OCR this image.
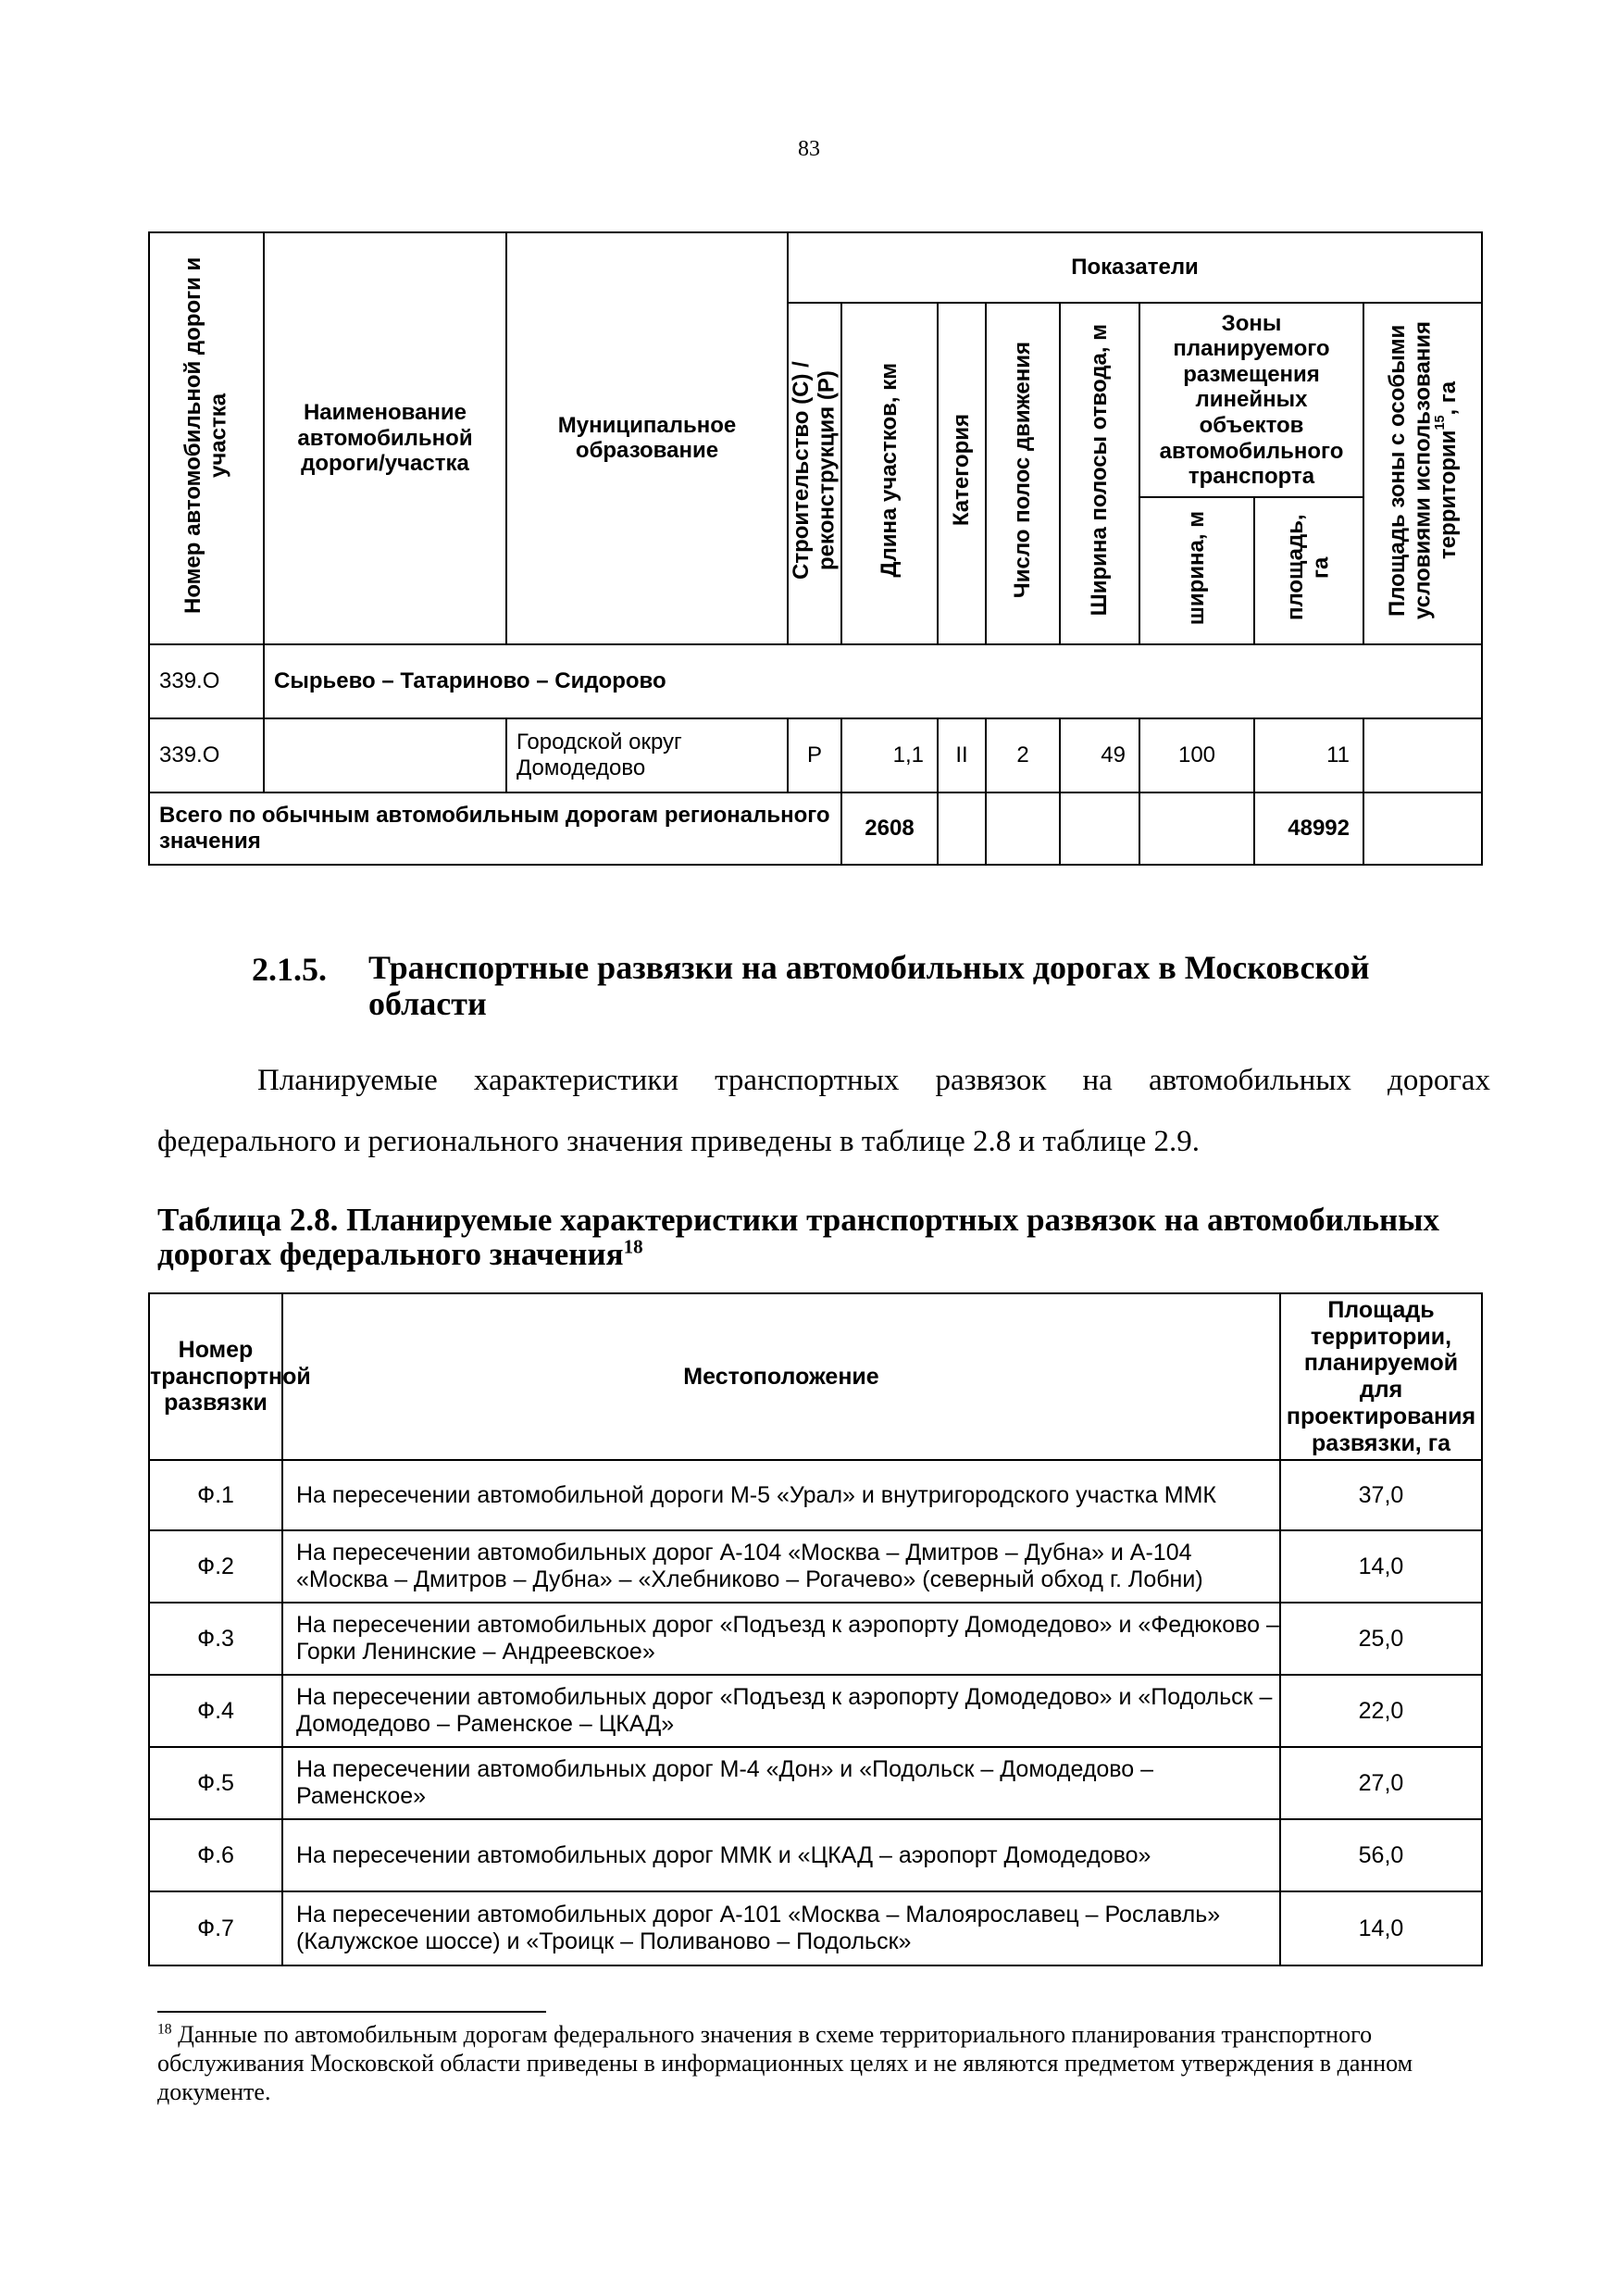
83
Номер автомобильной дороги и участка	Наименование автомобильной дороги/участка	Муниципальное образование	Показатели							
			Строительство (С) / реконструкция (Р)	Длина участков, км	Категория	Число полос движения	Ширина полосы отвода, м	Зоны планируемого размещения линейных объектов автомобильного транспорта		Площадь зоны с особыми условиями использования территории$^{15}$, га
								ширина, м	площадь, га	
339.О	Сырьево – Татариново – Сидорово									
339.О		Городской округ Домодедово	Р	1,1	II	2	49	100	11	
Всего по обычным автомобильным дорогам регионального значения				2608					48992	
2.1.5. Транспортные развязки на автомобильных дорогах в Московской области
Планируемые характеристики транспортных развязок на автомобильных дорогах федерального и регионального значения приведены в таблице 2.8 и таблице 2.9.
Таблица 2.8. Планируемые характеристики транспортных развязок на автомобильных дорогах федерального значения$^{18}$
Номер транспортной развязки	Местоположение	Площадь территории, планируемой для проектирования развязки, га
Ф.1	На пересечении автомобильной дороги М-5 «Урал» и внутригородского участка ММК	37,0
Ф.2	На пересечении автомобильных дорог А-104 «Москва – Дмитров – Дубна» и А-104 «Москва – Дмитров – Дубна» – «Хлебниково – Рогачево» (северный обход г. Лобни)	14,0
Ф.3	На пересечении автомобильных дорог «Подъезд к аэропорту Домодедово» и «Федюково – Горки Ленинские – Андреевское»	25,0
Ф.4	На пересечении автомобильных дорог «Подъезд к аэропорту Домодедово» и «Подольск – Домодедово – Раменское – ЦКАД»	22,0
Ф.5	На пересечении автомобильных дорог М-4 «Дон» и «Подольск – Домодедово – Раменское»	27,0
Ф.6	На пересечении автомобильных дорог ММК и «ЦКАД – аэропорт Домодедово»	56,0
Ф.7	На пересечении автомобильных дорог А-101 «Москва – Малоярославец – Рославль» (Калужское шоссе) и «Троицк – Поливаново – Подольск»	14,0
$^{18}$ Данные по автомобильным дорогам федерального значения в схеме территориального планирования транспортного обслуживания Московской области приведены в информационных целях и не являются предметом утверждения в данном документе.
